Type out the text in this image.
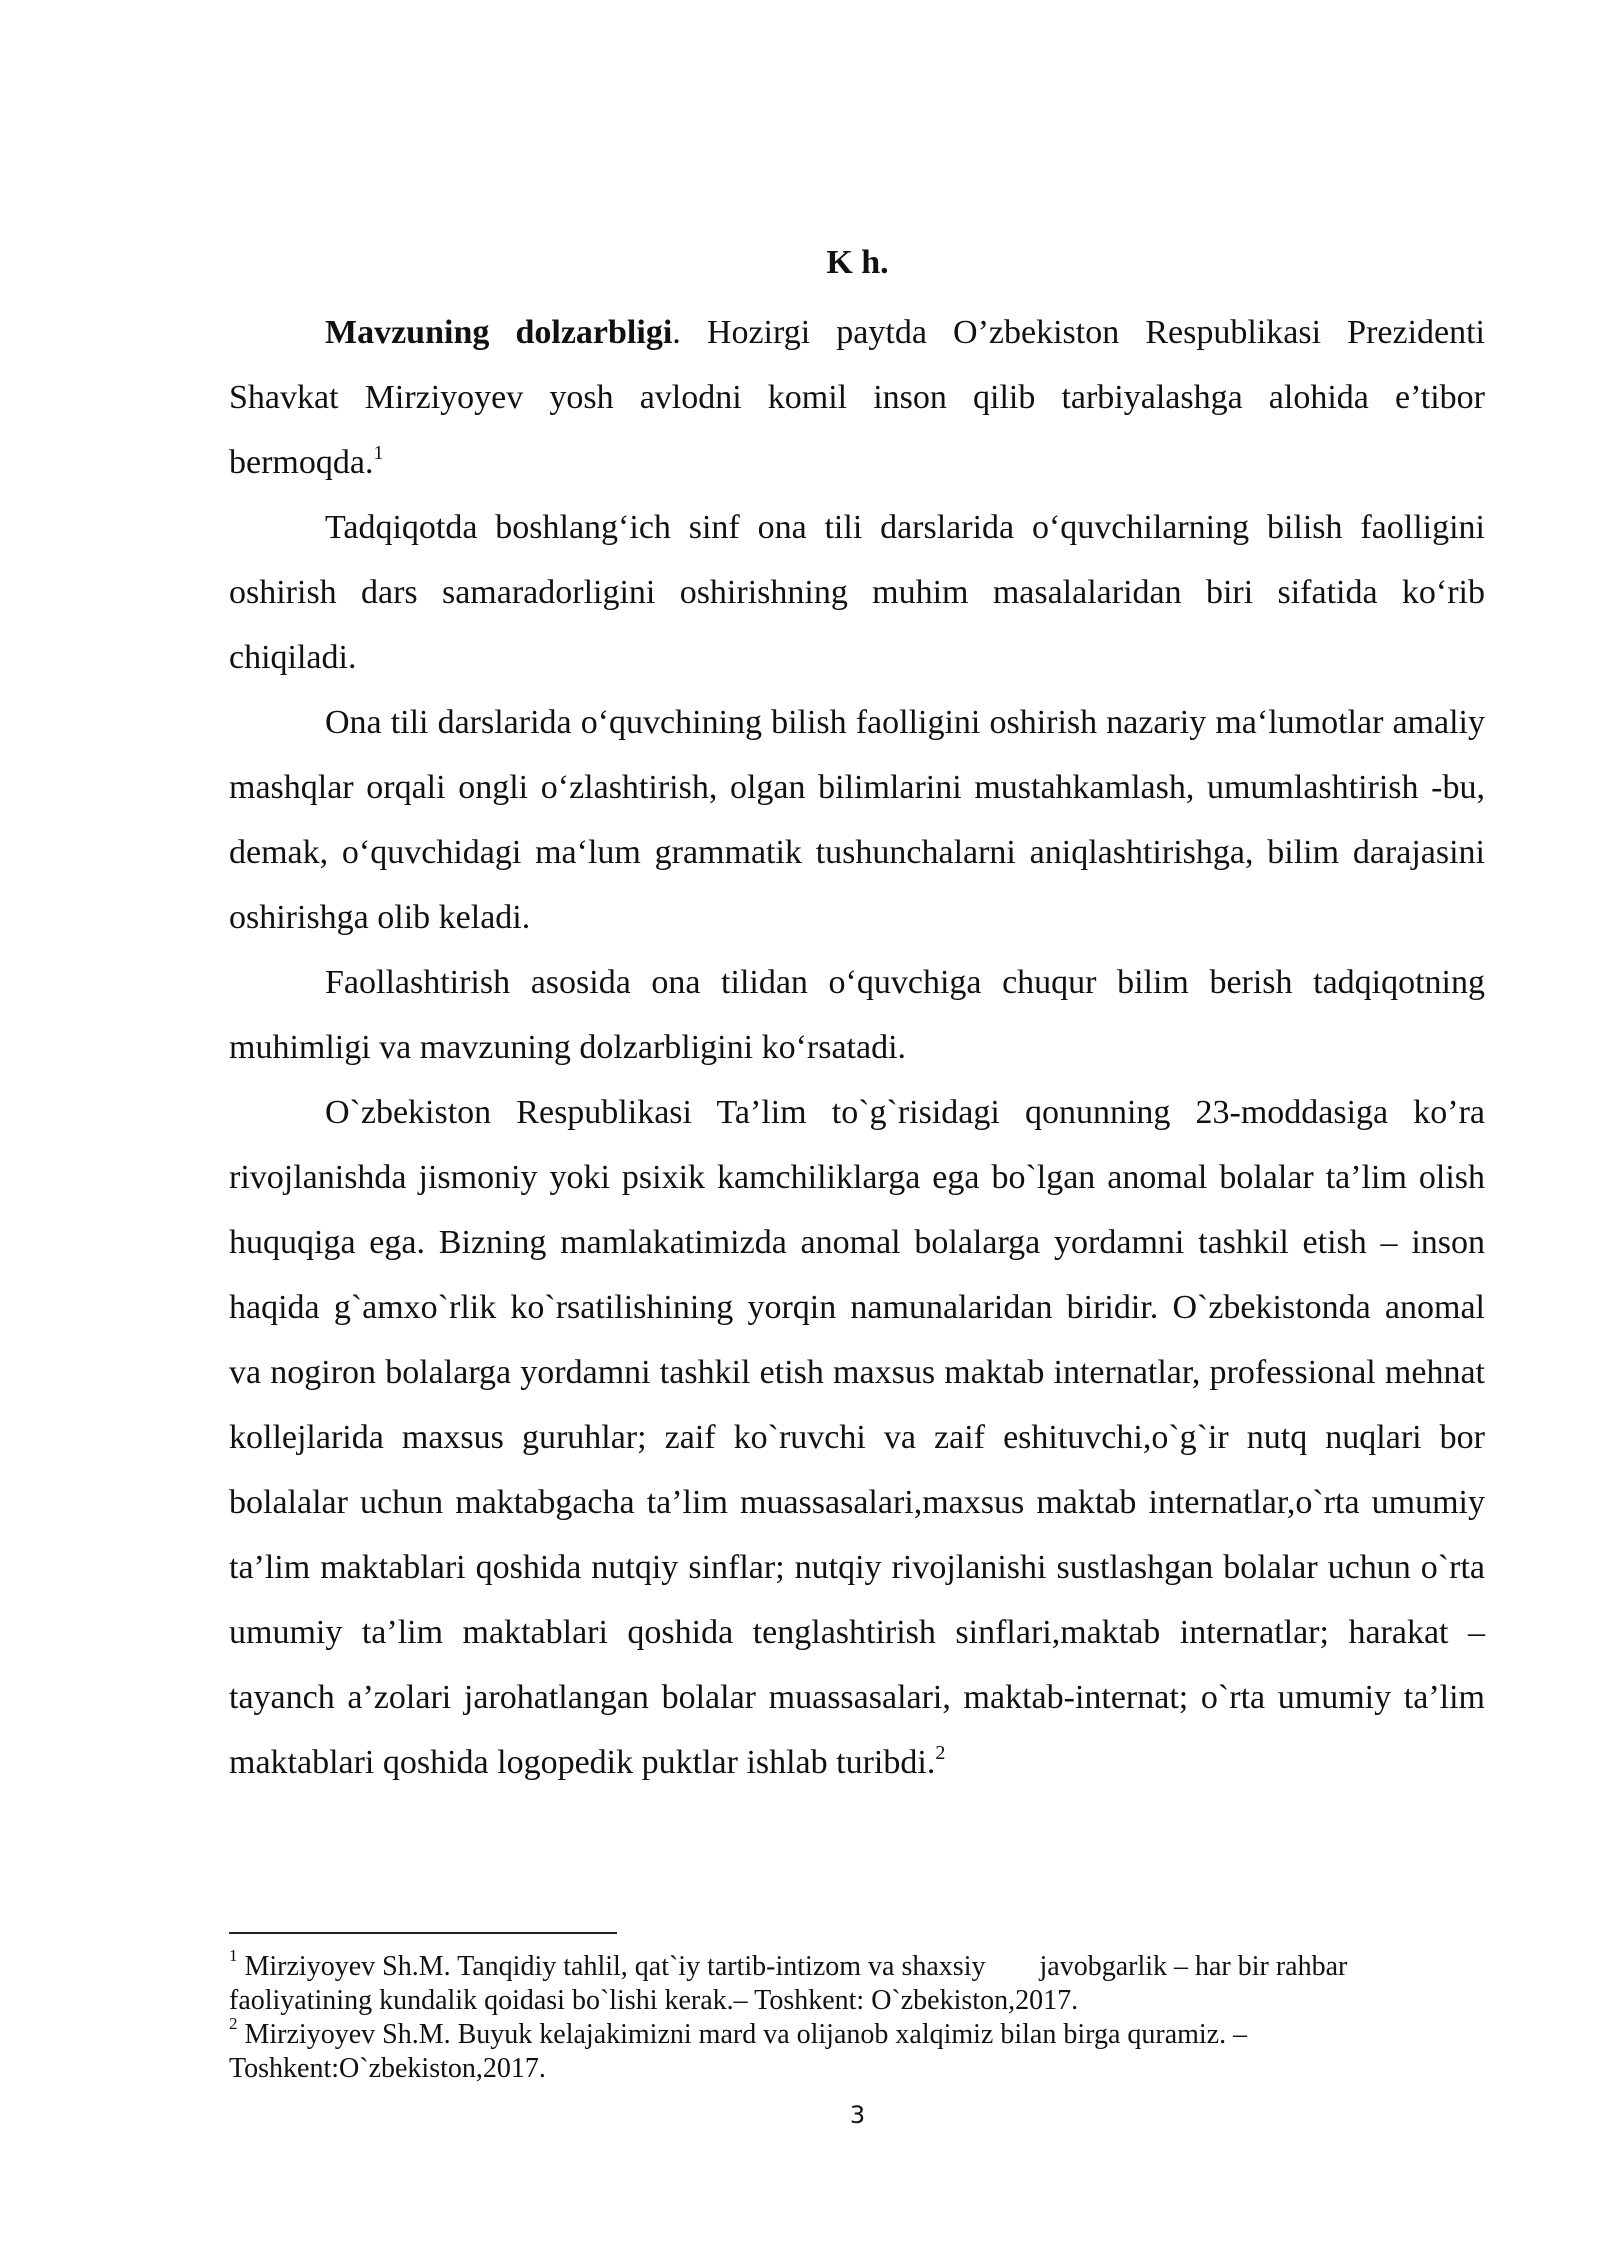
K h.

Mavzuning dolzarbligi. Hozirgi paytda O’zbekiston Respublikasi Prezidenti Shavkat Mirziyoyev yosh avlodni komil inson qilib tarbiyalashga alohida e’tibor bermoqda.$^1$

Tadqiqotda boshlang‘ich sinf ona tili darslarida o‘quvchilarning bilish faolligini oshirish dars samaradorligini oshirishning muhim masalalaridan biri sifatida ko‘rib chiqiladi.

Ona tili darslarida o‘quvchining bilish faolligini oshirish nazariy ma‘lumotlar amaliy mashqlar orqali ongli o‘zlashtirish, olgan bilimlarini mustahkamlash, umumlashtirish -bu, demak, o‘quvchidagi ma‘lum grammatik tushunchalarni aniqlashtirishga, bilim darajasini oshirishga olib keladi.

Faollashtirish asosida ona tilidan o‘quvchiga chuqur bilim berish tadqiqotning muhimligi va mavzuning dolzarbligini ko‘rsatadi.

O`zbekiston Respublikasi Ta’lim to`g`risidagi qonunning 23-moddasiga ko’ra rivojlanishda jismoniy yoki psixik kamchiliklarga ega bo`lgan anomal bolalar ta’lim olish huquqiga ega. Bizning mamlakatimizda anomal bolalarga yordamni tashkil etish – inson haqida g`amxo`rlik ko`rsatilishining yorqin namunalaridan biridir. O`zbekistonda anomal va nogiron bolalarga yordamni tashkil etish maxsus maktab internatlar, professional mehnat kollejlarida maxsus guruhlar; zaif ko`ruvchi va zaif eshituvchi,o`g`ir nutq nuqlari bor bolalalar uchun maktabgacha ta’lim muassasalari,maxsus maktab internatlar,o`rta umumiy ta’lim maktablari qoshida nutqiy sinflar; nutqiy rivojlanishi sustlashgan bolalar uchun o`rta umumiy ta’lim maktablari qoshida tenglashtirish sinflari,maktab internatlar; harakat – tayanch a’zolari jarohatlangan bolalar muassasalari, maktab-internat; o`rta umumiy ta’lim maktablari qoshida logopedik puktlar ishlab turibdi.$^2$

$^1$ Mirziyoyev Sh.M. Tanqidiy tahlil, qat`iy tartib-intizom va shaxsiy javobgarlik – har bir rahbar faoliyatining kundalik qoidasi bo`lishi kerak.– Toshkent: O`zbekiston,2017.

$^2$ Mirziyoyev Sh.M. Buyuk kelajakimizni mard va olijanob xalqimiz bilan birga quramiz. – Toshkent:O`zbekiston,2017.

3
